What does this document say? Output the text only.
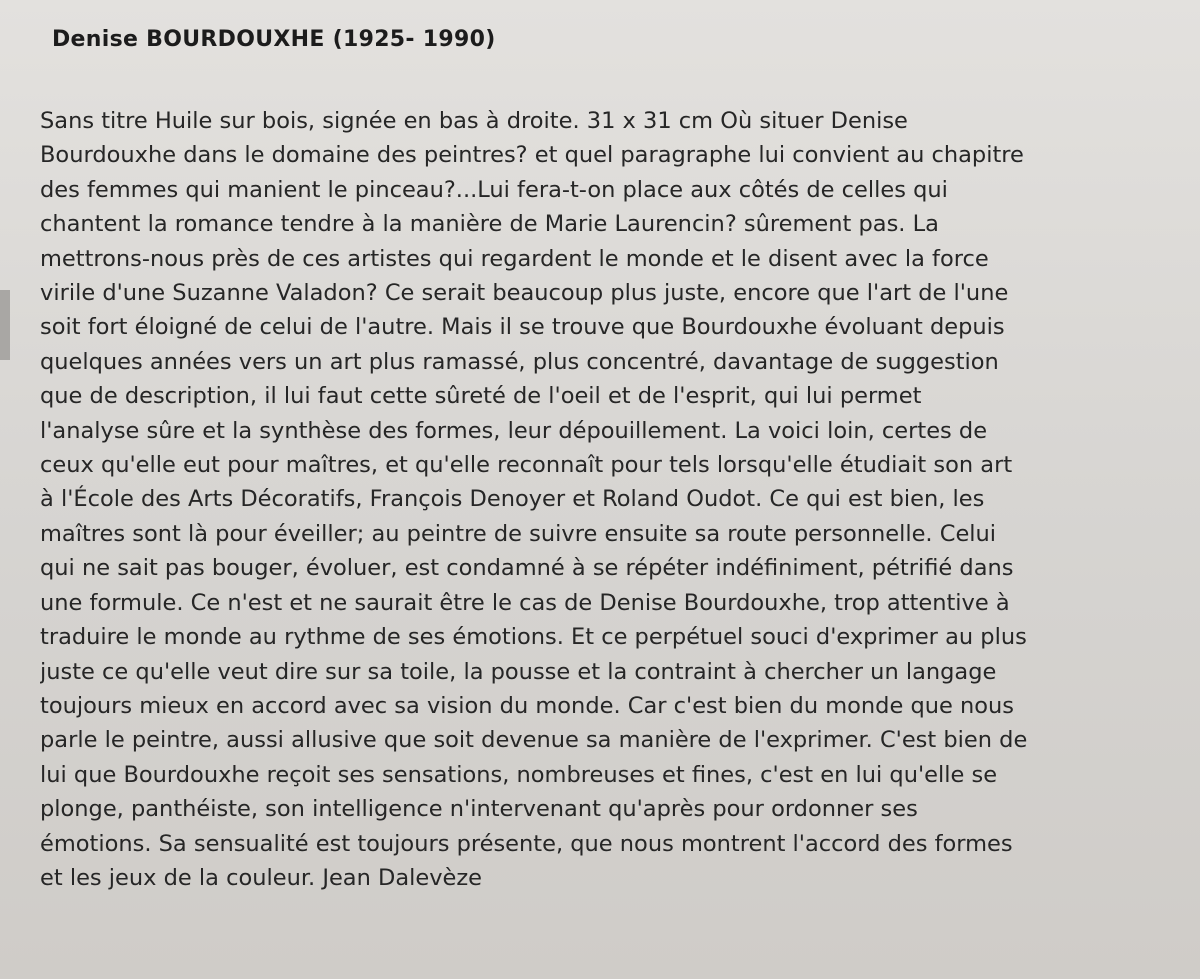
Denise BOURDOUXHE (1925- 1990)
Sans titre Huile sur bois, signée en bas à droite. 31 x 31 cm Où situer Denise
Bourdouxhe dans le domaine des peintres? et quel paragraphe lui convient au chapitre
des femmes qui manient le pinceau?...Lui fera-t-on place aux côtés de celles qui
chantent la romance tendre à la manière de Marie Laurencin? sûrement pas. La
mettrons-nous près de ces artistes qui regardent le monde et le disent avec la force
virile d'une Suzanne Valadon? Ce serait beaucoup plus juste, encore que l'art de l'une
soit fort éloigné de celui de l'autre. Mais il se trouve que Bourdouxhe évoluant depuis
quelques années vers un art plus ramassé, plus concentré, davantage de suggestion
que de description, il lui faut cette sûreté de l'oeil et de l'esprit, qui lui permet
l'analyse sûre et la synthèse des formes, leur dépouillement. La voici loin, certes de
ceux qu'elle eut pour maîtres, et qu'elle reconnaît pour tels lorsqu'elle étudiait son art
à l'École des Arts Décoratifs, François Denoyer et Roland Oudot. Ce qui est bien, les
maîtres sont là pour éveiller; au peintre de suivre ensuite sa route personnelle. Celui
qui ne sait pas bouger, évoluer, est condamné à se répéter indéfiniment, pétrifié dans
une formule. Ce n'est et ne saurait être le cas de Denise Bourdouxhe, trop attentive à
traduire le monde au rythme de ses émotions. Et ce perpétuel souci d'exprimer au plus
juste ce qu'elle veut dire sur sa toile, la pousse et la contraint à chercher un langage
toujours mieux en accord avec sa vision du monde. Car c'est bien du monde que nous
parle le peintre, aussi allusive que soit devenue sa manière de l'exprimer. C'est bien de
lui que Bourdouxhe reçoit ses sensations, nombreuses et fines, c'est en lui qu'elle se
plonge, panthéiste, son intelligence n'intervenant qu'après pour ordonner ses
émotions. Sa sensualité est toujours présente, que nous montrent l'accord des formes
et les jeux de la couleur. Jean Dalevèze
